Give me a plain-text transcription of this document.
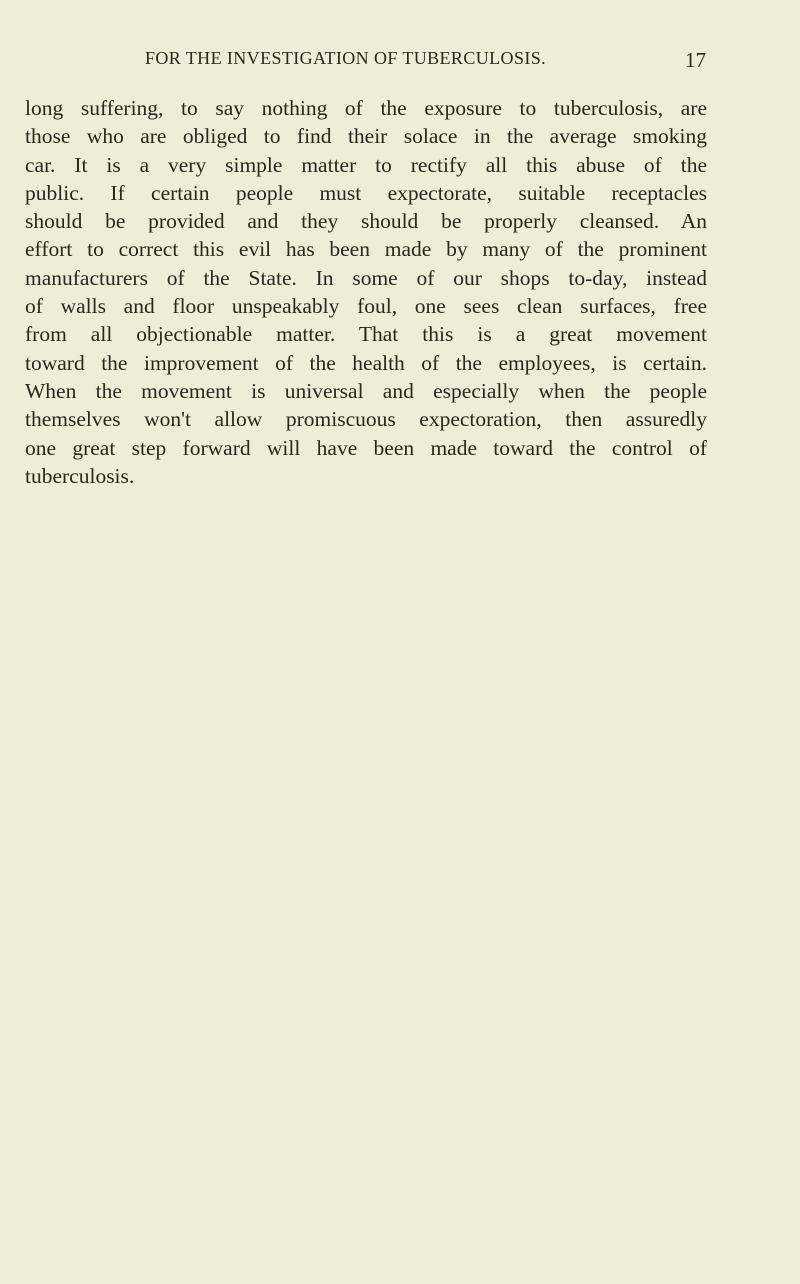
FOR THE INVESTIGATION OF TUBERCULOSIS.	17
long suffering, to say nothing of the exposure to tuberculosis, are
those who are obliged to find their solace in the average smoking
car. It is a very simple matter to rectify all this abuse of the
public. If certain people must expectorate, suitable receptacles
should be provided and they should be properly cleansed. An
effort to correct this evil has been made by many of the prominent
manufacturers of the State. In some of our shops to-day, instead
of walls and floor unspeakably foul, one sees clean surfaces, free
from all objectionable matter. That this is a great movement
toward the improvement of the health of the employees, is certain.
When the movement is universal and especially when the people
themselves won't allow promiscuous expectoration, then assuredly
one great step forward will have been made toward the control of
tuberculosis.
